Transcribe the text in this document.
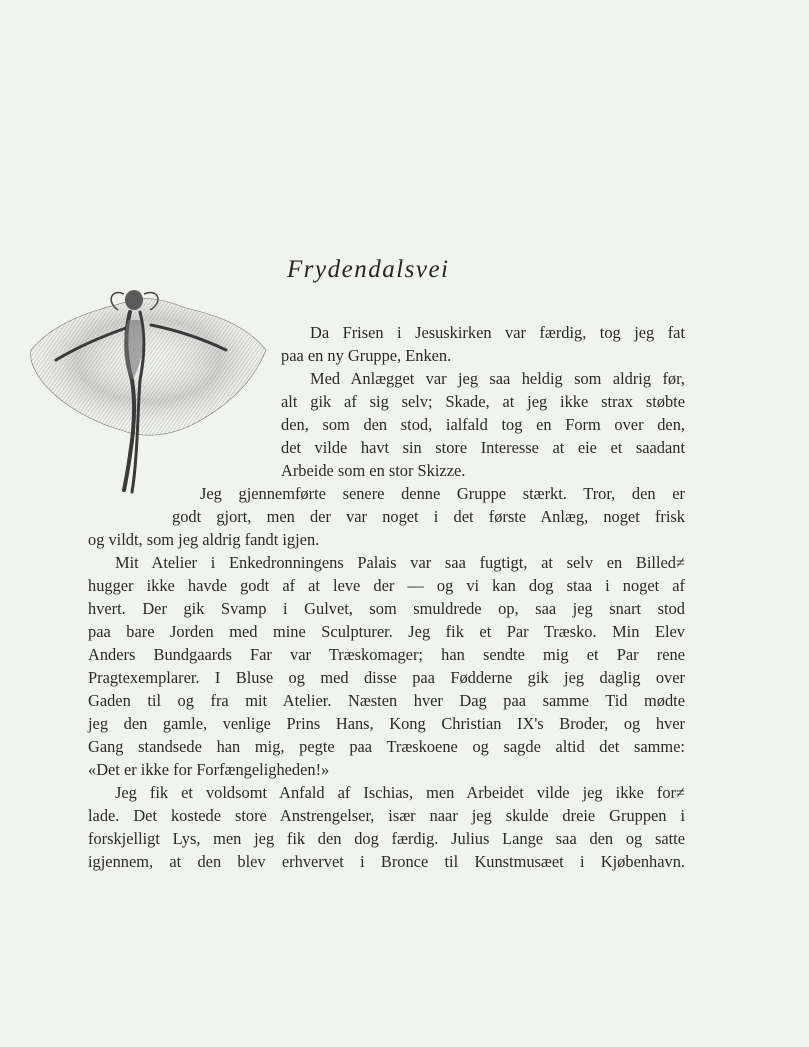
Frydendalsvei
Da Frisen i Jesuskirken var færdig, tog jeg fat
paa en ny Gruppe, Enken.
Med Anlægget var jeg saa heldig som aldrig før,
alt gik af sig selv; Skade, at jeg ikke strax støbte
den, som den stod, ialfald tog en Form over den,
det vilde havt sin store Interesse at eie et saadant
Arbeide som en stor Skizze.
Jeg gjennemførte senere denne Gruppe stærkt. Tror, den er
godt gjort, men der var noget i det første Anlæg, noget frisk
og vildt, som jeg aldrig fandt igjen.
Mit Atelier i Enkedronningens Palais var saa fugtigt, at selv en Billed≠
hugger ikke havde godt af at leve der — og vi kan dog staa i noget af
hvert. Der gik Svamp i Gulvet, som smuldrede op, saa jeg snart stod
paa bare Jorden med mine Sculpturer. Jeg fik et Par Træsko. Min Elev
Anders Bundgaards Far var Træskomager; han sendte mig et Par rene
Pragtexemplarer. I Bluse og med disse paa Fødderne gik jeg daglig over
Gaden til og fra mit Atelier. Næsten hver Dag paa samme Tid mødte
jeg den gamle, venlige Prins Hans, Kong Christian IX's Broder, og hver
Gang standsede han mig, pegte paa Træskoene og sagde altid det samme:
«Det er ikke for Forfængeligheden!»
Jeg fik et voldsomt Anfald af Ischias, men Arbeidet vilde jeg ikke for≠
lade. Det kostede store Anstrengelser, især naar jeg skulde dreie Gruppen i
forskjelligt Lys, men jeg fik den dog færdig. Julius Lange saa den og satte
igjennem, at den blev erhvervet i Bronce til Kunstmusæet i Kjøbenhavn.
